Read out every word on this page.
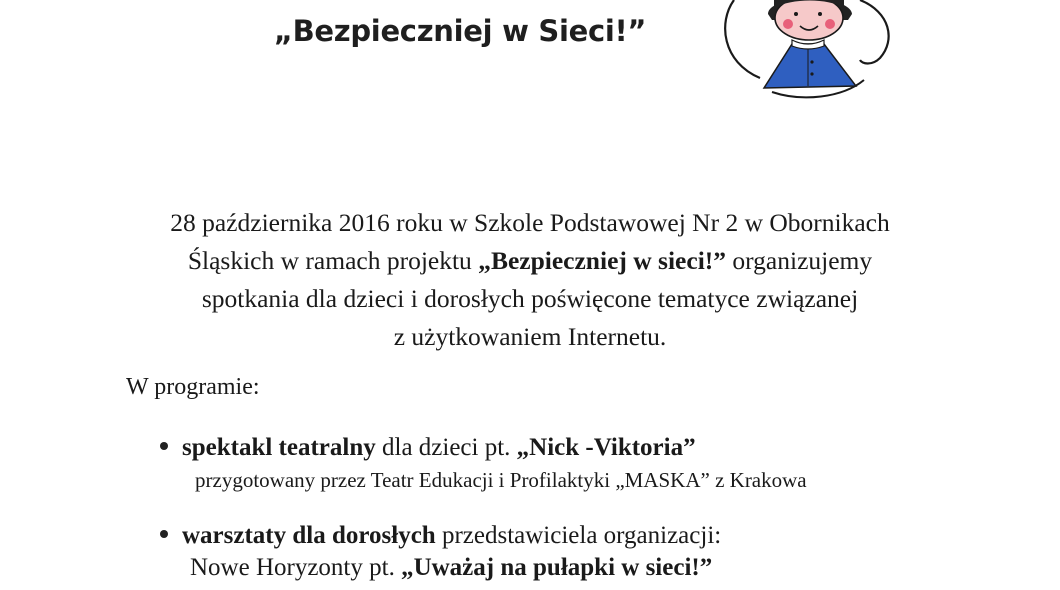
„Bezpieczniej w Sieci!”
28 października 2016 roku w Szkole Podstawowej Nr 2 w Obornikach
Śląskich w ramach projektu „Bezpieczniej w sieci!” organizujemy
spotkania dla dzieci i dorosłych poświęcone tematyce związanej
z użytkowaniem Internetu.
W programie:
spektakl teatralny dla dzieci pt. „Nick -Viktoria”
przygotowany przez Teatr Edukacji i Profilaktyki „MASKA” z Krakowa
warsztaty dla dorosłych przedstawiciela organizacji:
Nowe Horyzonty pt. „Uważaj na pułapki w sieci!”
